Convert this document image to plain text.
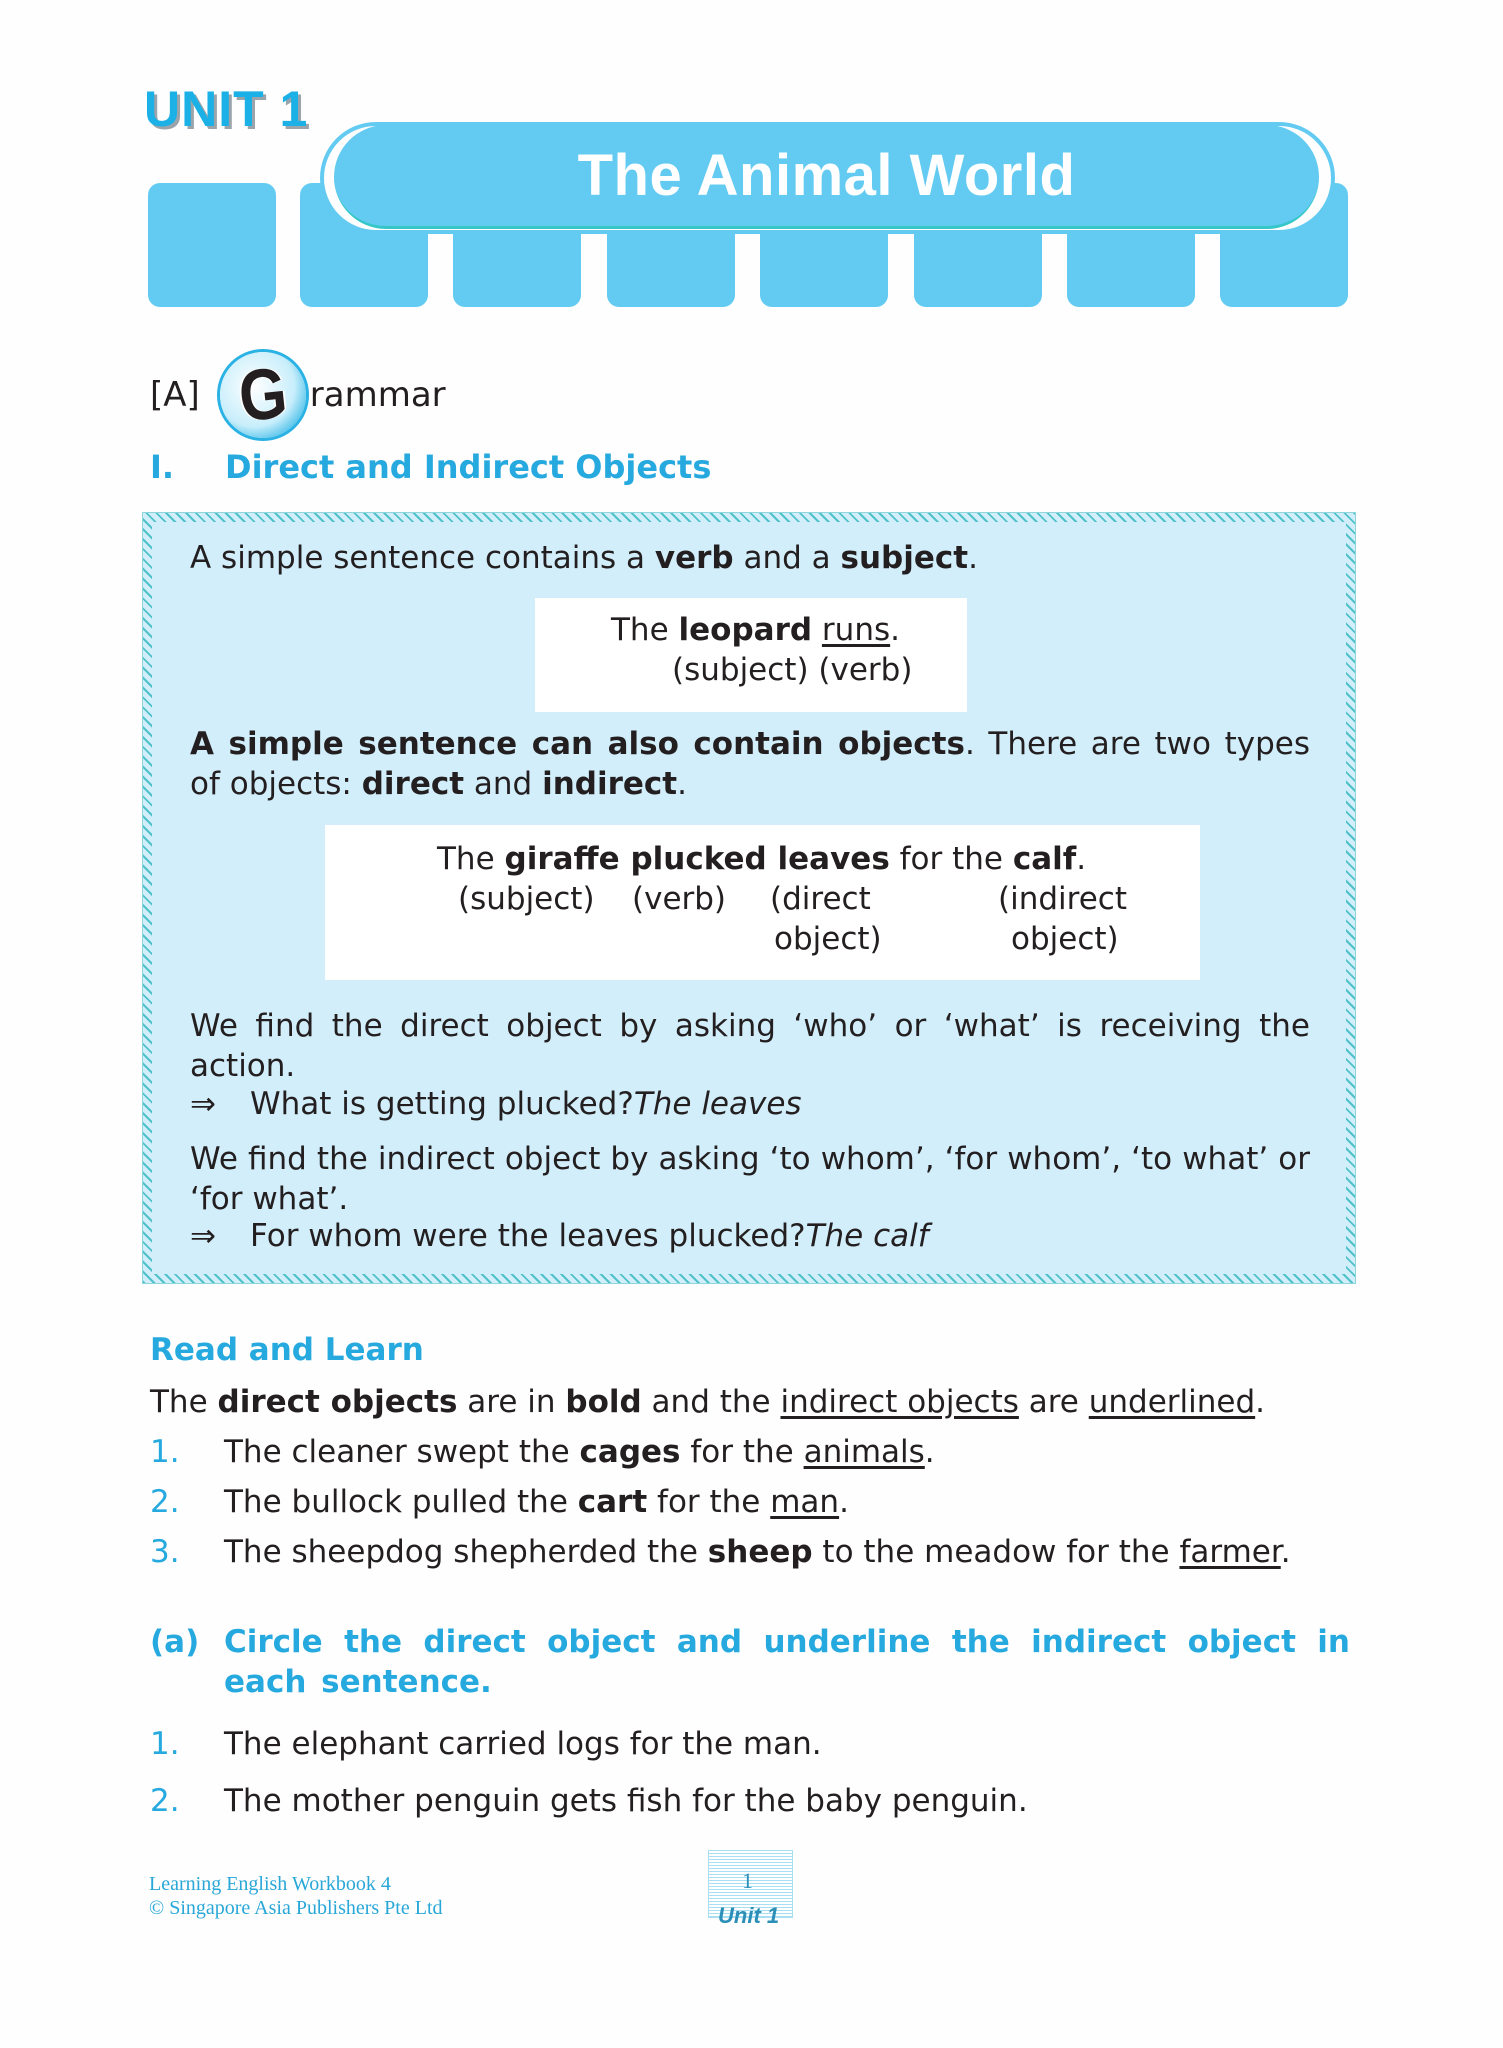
UNIT 1
The Animal World
[A] G rammar
I.	Direct and Indirect Objects
A simple sentence contains a verb and a subject.
The leopard runs.
(subject) (verb)
A simple sentence can also contain objects. There are two types of objects: direct and indirect.
The giraffe plucked leaves for the calf.
(subject) (verb) (direct
object)
(indirect
object)
We find the direct object by asking ‘who’ or ‘what’ is receiving the action.
⇒	What is getting plucked? The leaves
We find the indirect object by asking ‘to whom’, ‘for whom’, ‘to what’ or ‘for what’.
⇒	For whom were the leaves plucked? The calf
Read and Learn
The direct objects are in bold and the indirect objects are underlined.
1.	The cleaner swept the cages for the animals.
2.	The bullock pulled the cart for the man.
3.	The sheepdog shepherded the sheep to the meadow for the farmer.
(a) Circle the direct object and underline the indirect object in each sentence.
1.	The elephant carried logs for the man.
2.	The mother penguin gets fish for the baby penguin.
Learning English Workbook 4
© Singapore Asia Publishers Pte Ltd
1
Unit 1
